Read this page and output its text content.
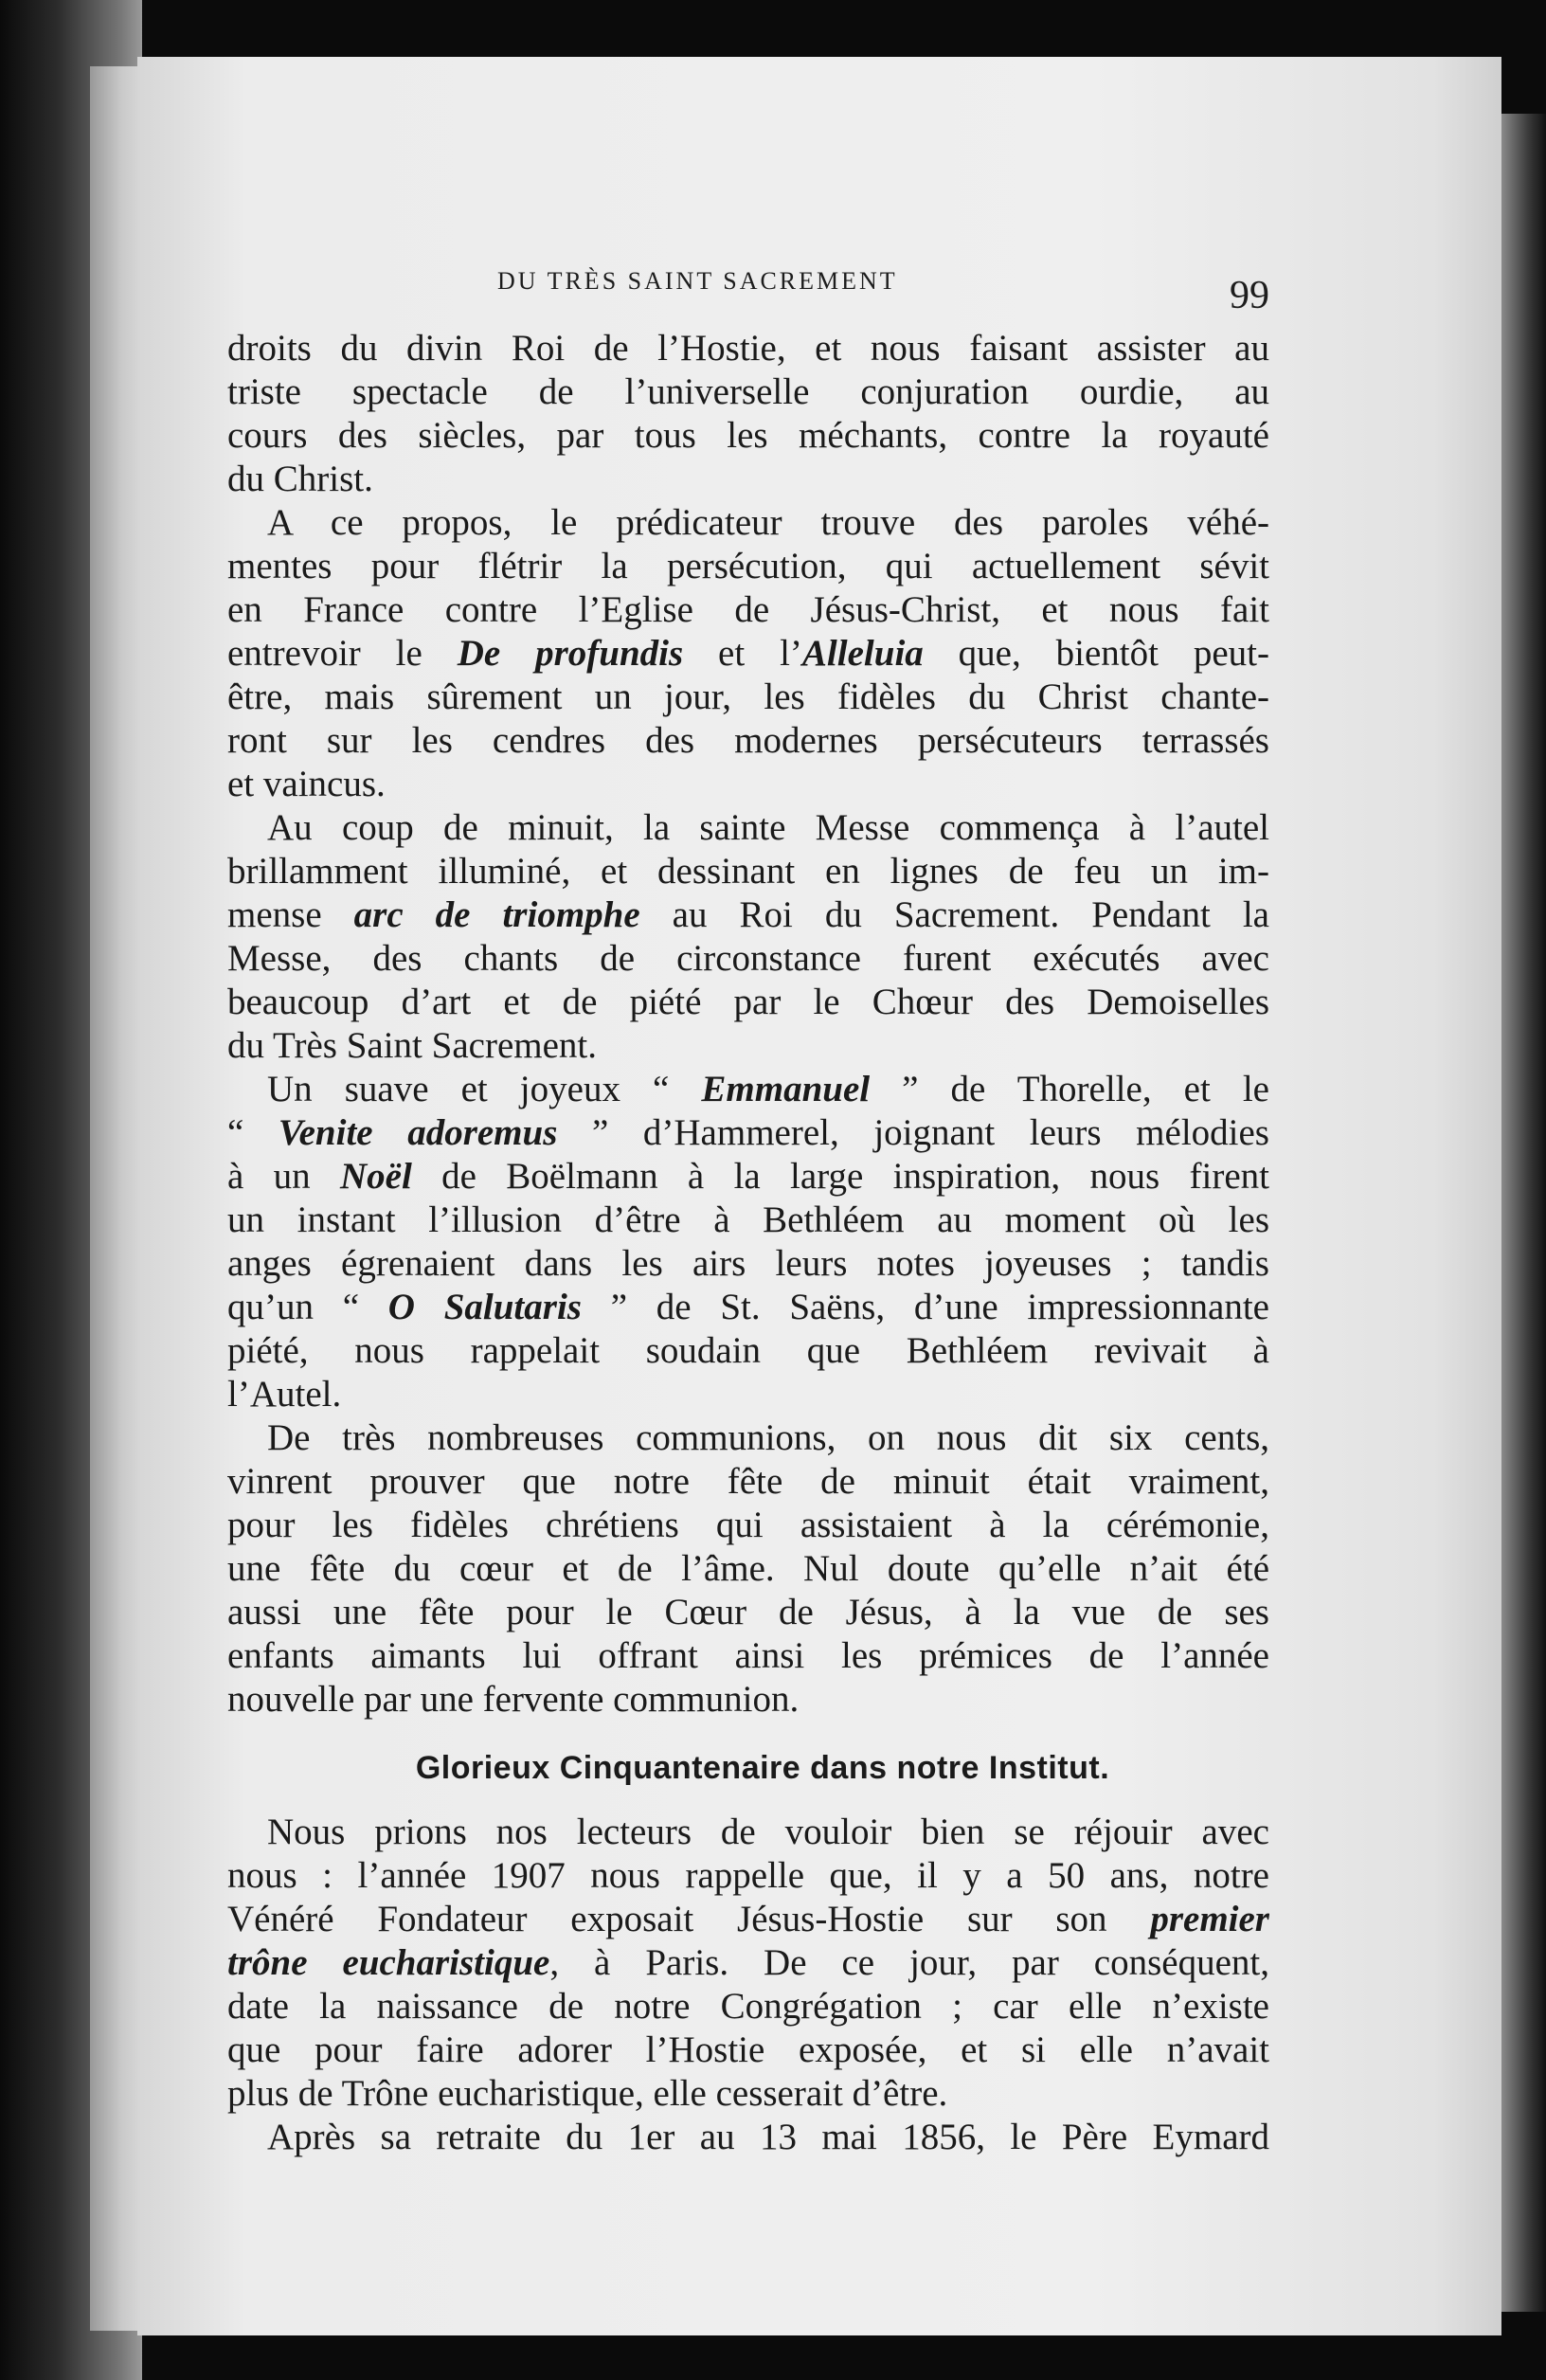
DU TRÈS SAINT SACREMENT	99
droits du divin Roi de l’Hostie, et nous faisant assister au
triste spectacle de l’universelle conjuration ourdie, au
cours des siècles, par tous les méchants, contre la royauté
du Christ.
A ce propos, le prédicateur trouve des paroles véhé-
mentes pour flétrir la persécution, qui actuellement sévit
en France contre l’Eglise de Jésus-Christ, et nous fait
entrevoir le De profundis et l’Alleluia que, bientôt peut-
être, mais sûrement un jour, les fidèles du Christ chante-
ront sur les cendres des modernes persécuteurs terrassés
et vaincus.
Au coup de minuit, la sainte Messe commença à l’autel
brillamment illuminé, et dessinant en lignes de feu un im-
mense arc de triomphe au Roi du Sacrement. Pendant la
Messe, des chants de circonstance furent exécutés avec
beaucoup d’art et de piété par le Chœur des Demoiselles
du Très Saint Sacrement.
Un suave et joyeux “ Emmanuel ” de Thorelle, et le
“ Venite adoremus ” d’Hammerel, joignant leurs mélodies
à un Noël de Boëlmann à la large inspiration, nous firent
un instant l’illusion d’être à Bethléem au moment où les
anges égrenaient dans les airs leurs notes joyeuses ; tandis
qu’un “ O Salutaris ” de St. Saëns, d’une impressionnante
piété, nous rappelait soudain que Bethléem revivait à
l’Autel.
De très nombreuses communions, on nous dit six cents,
vinrent prouver que notre fête de minuit était vraiment,
pour les fidèles chrétiens qui assistaient à la cérémonie,
une fête du cœur et de l’âme. Nul doute qu’elle n’ait été
aussi une fête pour le Cœur de Jésus, à la vue de ses
enfants aimants lui offrant ainsi les prémices de l’année
nouvelle par une fervente communion.
Glorieux Cinquantenaire dans notre Institut.
Nous prions nos lecteurs de vouloir bien se réjouir avec
nous : l’année 1907 nous rappelle que, il y a 50 ans, notre
Vénéré Fondateur exposait Jésus-Hostie sur son premier
trône eucharistique, à Paris. De ce jour, par conséquent,
date la naissance de notre Congrégation ; car elle n’existe
que pour faire adorer l’Hostie exposée, et si elle n’avait
plus de Trône eucharistique, elle cesserait d’être.
Après sa retraite du 1er au 13 mai 1856, le Père Eymard
